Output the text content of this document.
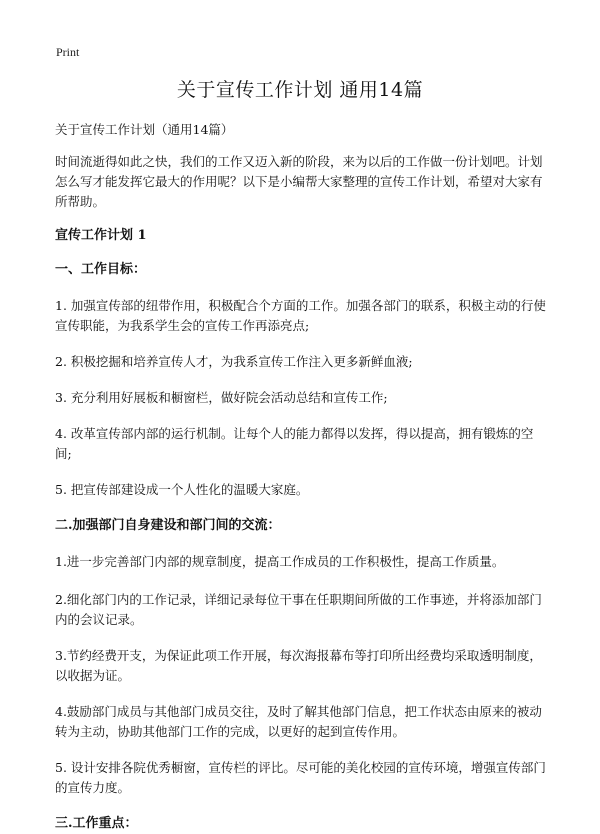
Print
关于宣传工作计划 通用14篇

关于宣传工作计划（通用14篇）

时间流逝得如此之快，我们的工作又迈入新的阶段，来为以后的工作做一份计划吧。计划怎么写才能发挥它最大的作用呢？以下是小编帮大家整理的宣传工作计划，希望对大家有所帮助。

宣传工作计划 1

一、工作目标：

1. 加强宣传部的纽带作用，积极配合个方面的工作。加强各部门的联系，积极主动的行使宣传职能，为我系学生会的宣传工作再添亮点;

2. 积极挖掘和培养宣传人才，为我系宣传工作注入更多新鲜血液;

3. 充分利用好展板和橱窗栏，做好院会活动总结和宣传工作;

4. 改革宣传部内部的运行机制。让每个人的能力都得以发挥，得以提高，拥有锻炼的空间;

5. 把宣传部建设成一个人性化的温暖大家庭。

二.加强部门自身建设和部门间的交流：

1.进一步完善部门内部的规章制度，提高工作成员的工作积极性，提高工作质量。

2.细化部门内的工作记录，详细记录每位干事在任职期间所做的工作事迹，并将添加部门内的会议记录。

3.节约经费开支，为保证此项工作开展，每次海报幕布等打印所出经费均采取透明制度，以收据为证。

4.鼓励部门成员与其他部门成员交往，及时了解其他部门信息，把工作状态由原来的被动转为主动，协助其他部门工作的完成，以更好的起到宣传作用。

5. 设计安排各院优秀橱窗，宣传栏的评比。尽可能的美化校园的宣传环境，增强宣传部门的宣传力度。

三.工作重点：
